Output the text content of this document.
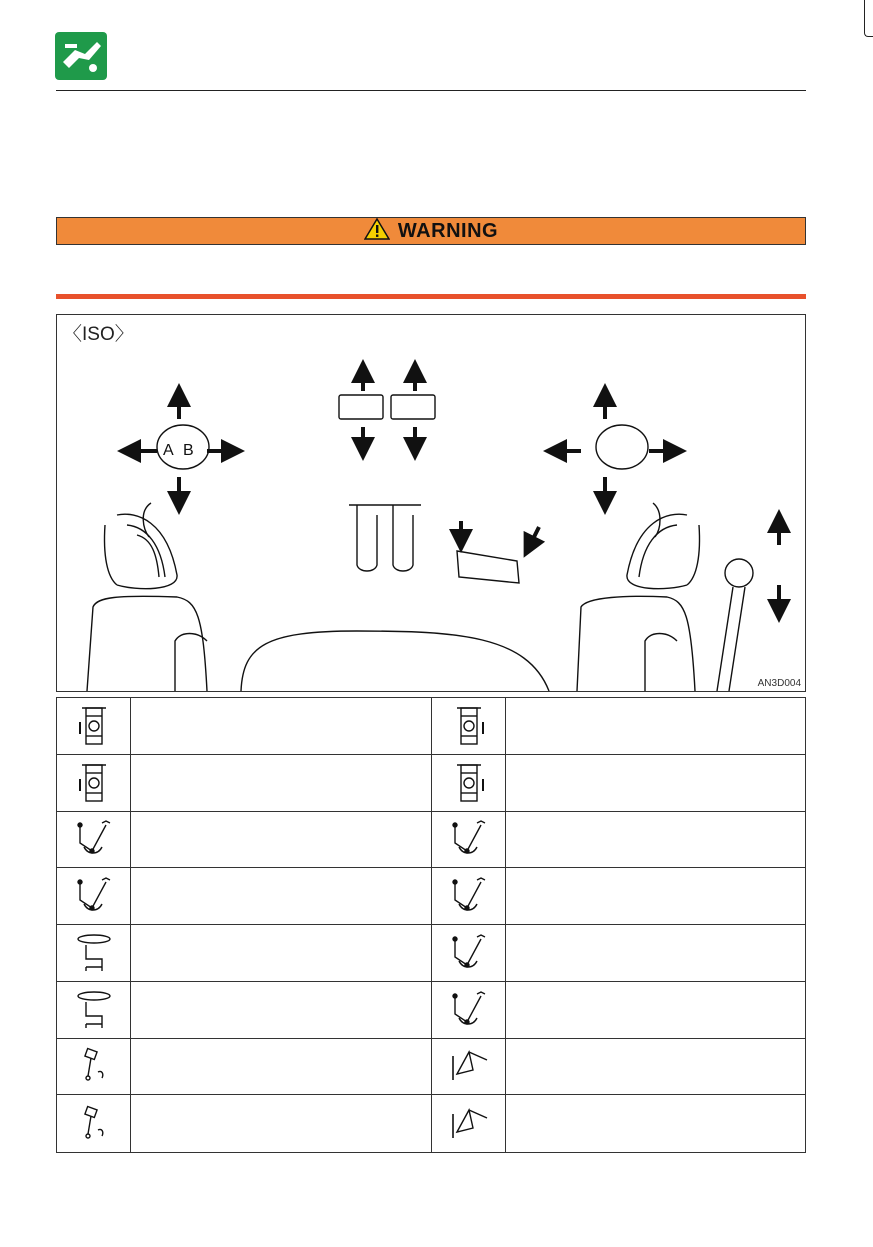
WARNING
〈ISO〉
AN3D004
A B
